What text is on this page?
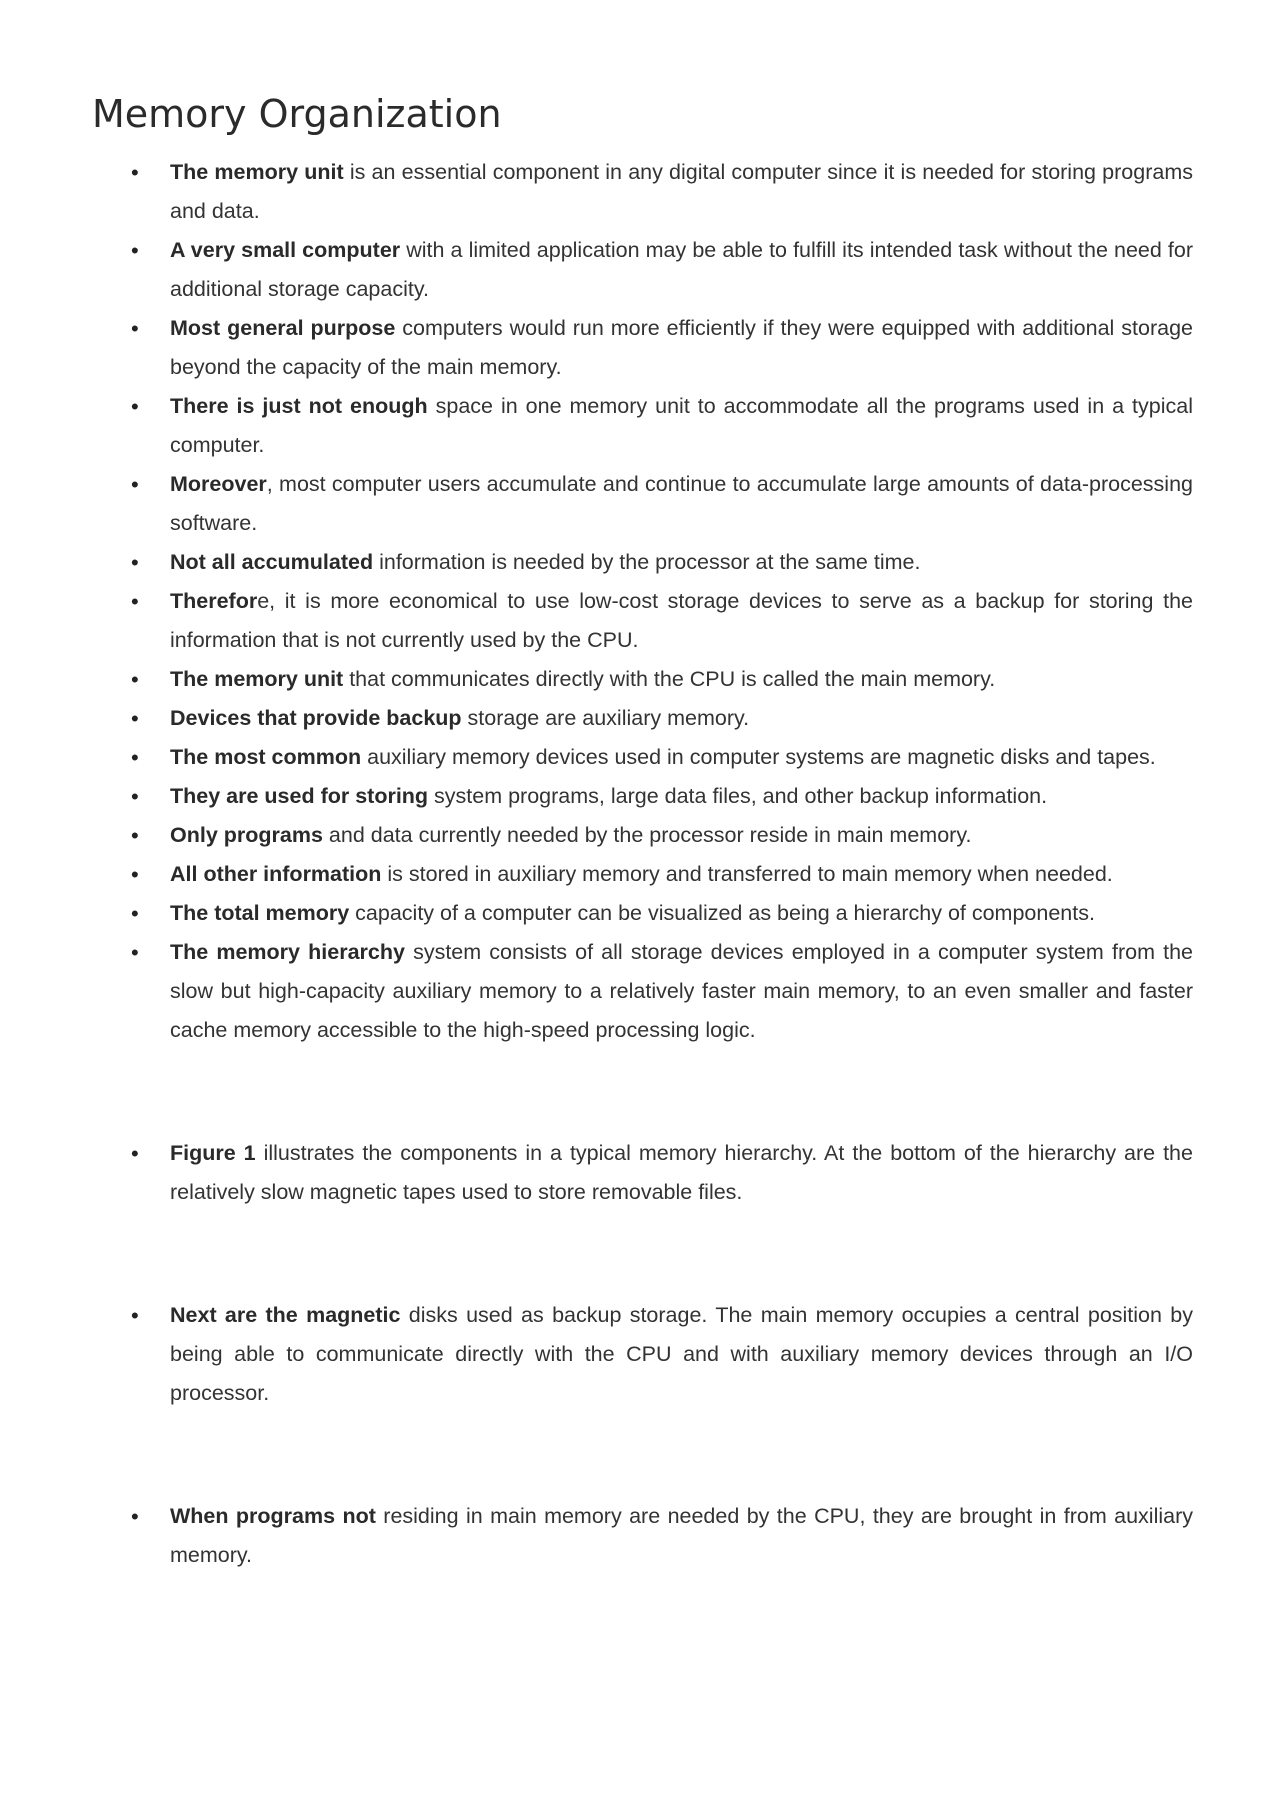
Memory Organization
• The memory unit is an essential component in any digital computer since it is needed for storing programs and data.
• A very small computer with a limited application may be able to fulfill its intended task without the need for additional storage capacity.
• Most general purpose computers would run more efficiently if they were equipped with additional storage beyond the capacity of the main memory.
• There is just not enough space in one memory unit to accommodate all the programs used in a typical computer.
• Moreover, most computer users accumulate and continue to accumulate large amounts of data-processing software.
• Not all accumulated information is needed by the processor at the same time.
• Therefore, it is more economical to use low-cost storage devices to serve as a backup for storing the information that is not currently used by the CPU.
• The memory unit that communicates directly with the CPU is called the main memory.
• Devices that provide backup storage are auxiliary memory.
• The most common auxiliary memory devices used in computer systems are magnetic disks and tapes.
• They are used for storing system programs, large data files, and other backup information.
• Only programs and data currently needed by the processor reside in main memory.
• All other information is stored in auxiliary memory and transferred to main memory when needed.
• The total memory capacity of a computer can be visualized as being a hierarchy of components.
• The memory hierarchy system consists of all storage devices employed in a computer system from the slow but high-capacity auxiliary memory to a relatively faster main memory, to an even smaller and faster cache memory accessible to the high-speed processing logic.
• Figure 1 illustrates the components in a typical memory hierarchy. At the bottom of the hierarchy are the relatively slow magnetic tapes used to store removable files.
• Next are the magnetic disks used as backup storage. The main memory occupies a central position by being able to communicate directly with the CPU and with auxiliary memory devices through an I/O processor.
• When programs not residing in main memory are needed by the CPU, they are brought in from auxiliary memory.
